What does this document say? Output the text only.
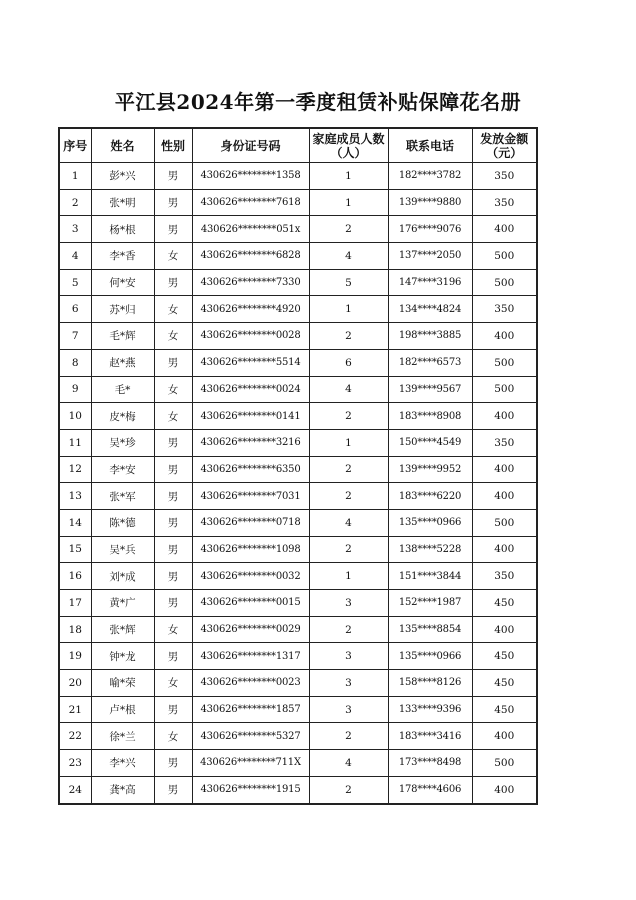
平江县2024年第一季度租赁补贴保障花名册
序号	姓名	性别	身份证号码	家庭成员人数（人）	联系电话	发放金额（元）
1	彭*兴	男	430626********1358	1	182****3782	350
2	张*明	男	430626********7618	1	139****9880	350
3	杨*根	男	430626********051x	2	176****9076	400
4	李*香	女	430626********6828	4	137****2050	500
5	何*安	男	430626********7330	5	147****3196	500
6	苏*归	女	430626********4920	1	134****4824	350
7	毛*辉	女	430626********0028	2	198****3885	400
8	赵*燕	男	430626********5514	6	182****6573	500
9	毛*	女	430626********0024	4	139****9567	500
10	皮*梅	女	430626********0141	2	183****8908	400
11	吴*珍	男	430626********3216	1	150****4549	350
12	李*安	男	430626********6350	2	139****9952	400
13	张*军	男	430626********7031	2	183****6220	400
14	陈*德	男	430626********0718	4	135****0966	500
15	吴*兵	男	430626********1098	2	138****5228	400
16	刘*成	男	430626********0032	1	151****3844	350
17	黄*广	男	430626********0015	3	152****1987	450
18	张*辉	女	430626********0029	2	135****8854	400
19	钟*龙	男	430626********1317	3	135****0966	450
20	喻*荣	女	430626********0023	3	158****8126	450
21	卢*根	男	430626********1857	3	133****9396	450
22	徐*兰	女	430626********5327	2	183****3416	400
23	李*兴	男	430626********711X	4	173****8498	500
24	龚*高	男	430626********1915	2	178****4606	400
